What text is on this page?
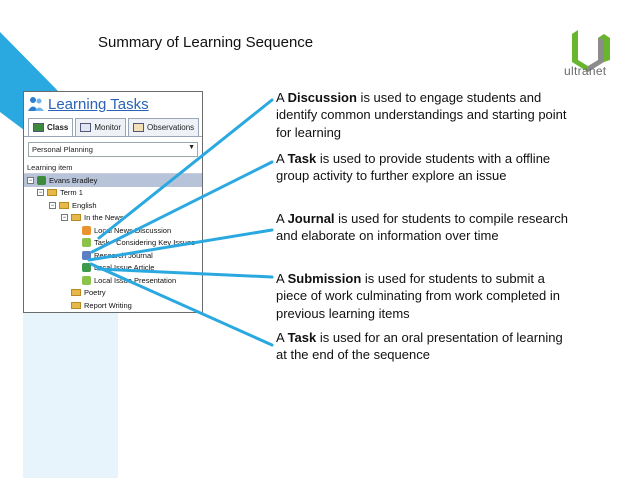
Summary of Learning Sequence
ultranet
Learning Tasks
Class	Monitor	Observations
Personal Planning	▼
Learning item
− Evans Bradley
− Term 1
− English
− In the News
Local News Discussion
Task - Considering Key Issues
Research Journal
Local Issue Article
Local Issue Presentation
Poetry
Report Writing
A Discussion is used to engage students and identify common understandings and starting point for learning
A Task is used to provide students with a offline group activity to further explore an issue
A Journal is used for students to compile research and elaborate on information over time
A Submission is used for students to submit a piece of work culminating from work completed in previous learning items
A Task is used for an oral presentation of learning at the end of the sequence
